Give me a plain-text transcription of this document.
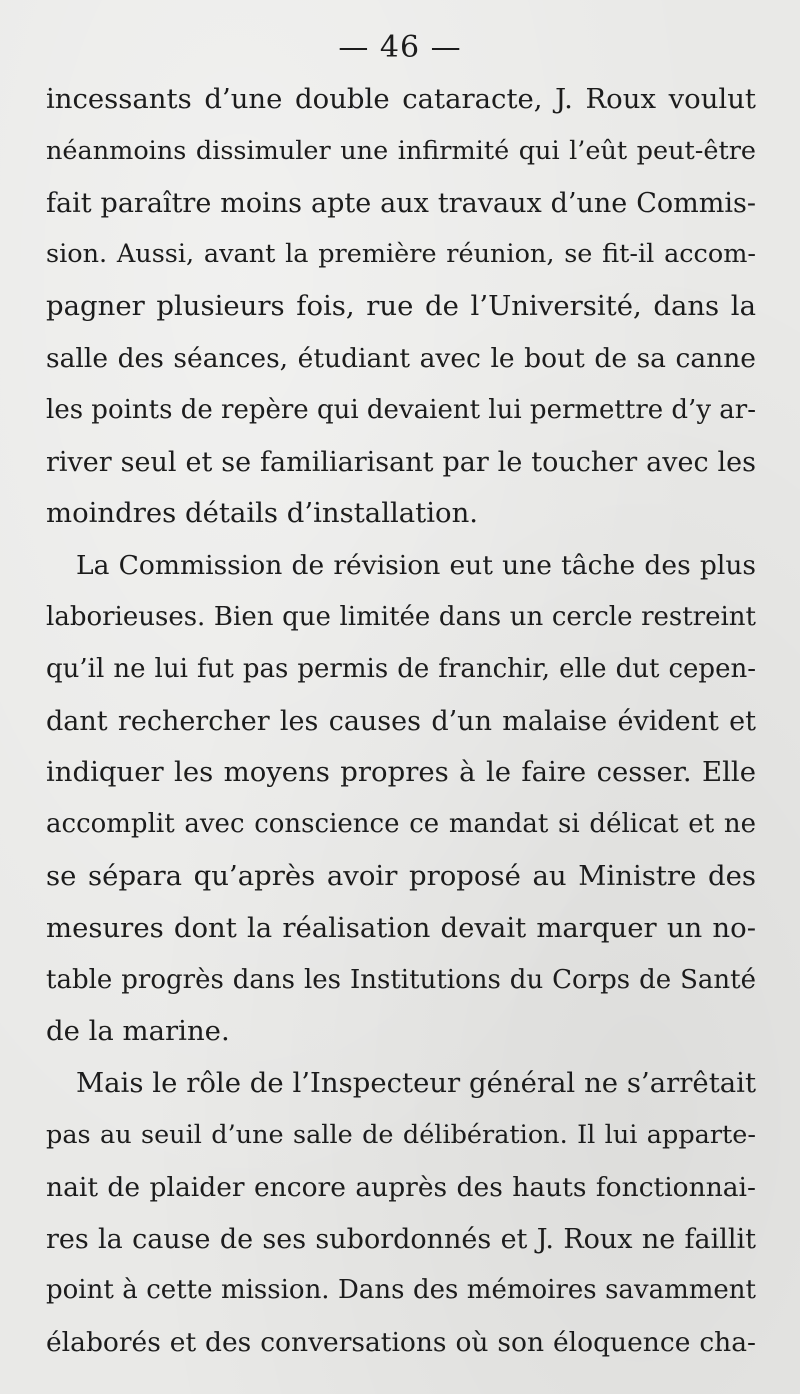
— 46 —
incessants d’une double cataracte, J. Roux voulut
néanmoins dissimuler une infirmité qui l’eût peut-être
fait paraître moins apte aux travaux d’une Commis-
sion. Aussi, avant la première réunion, se fit-il accom-
pagner plusieurs fois, rue de l’Université, dans la
salle des séances, étudiant avec le bout de sa canne
les points de repère qui devaient lui permettre d’y ar-
river seul et se familiarisant par le toucher avec les
moindres détails d’installation.
La Commission de révision eut une tâche des plus
laborieuses. Bien que limitée dans un cercle restreint
qu’il ne lui fut pas permis de franchir, elle dut cepen-
dant rechercher les causes d’un malaise évident et
indiquer les moyens propres à le faire cesser. Elle
accomplit avec conscience ce mandat si délicat et ne
se sépara qu’après avoir proposé au Ministre des
mesures dont la réalisation devait marquer un no-
table progrès dans les Institutions du Corps de Santé
de la marine.
Mais le rôle de l’Inspecteur général ne s’arrêtait
pas au seuil d’une salle de délibération. Il lui apparte-
nait de plaider encore auprès des hauts fonctionnai-
res la cause de ses subordonnés et J. Roux ne faillit
point à cette mission. Dans des mémoires savamment
élaborés et des conversations où son éloquence cha-
